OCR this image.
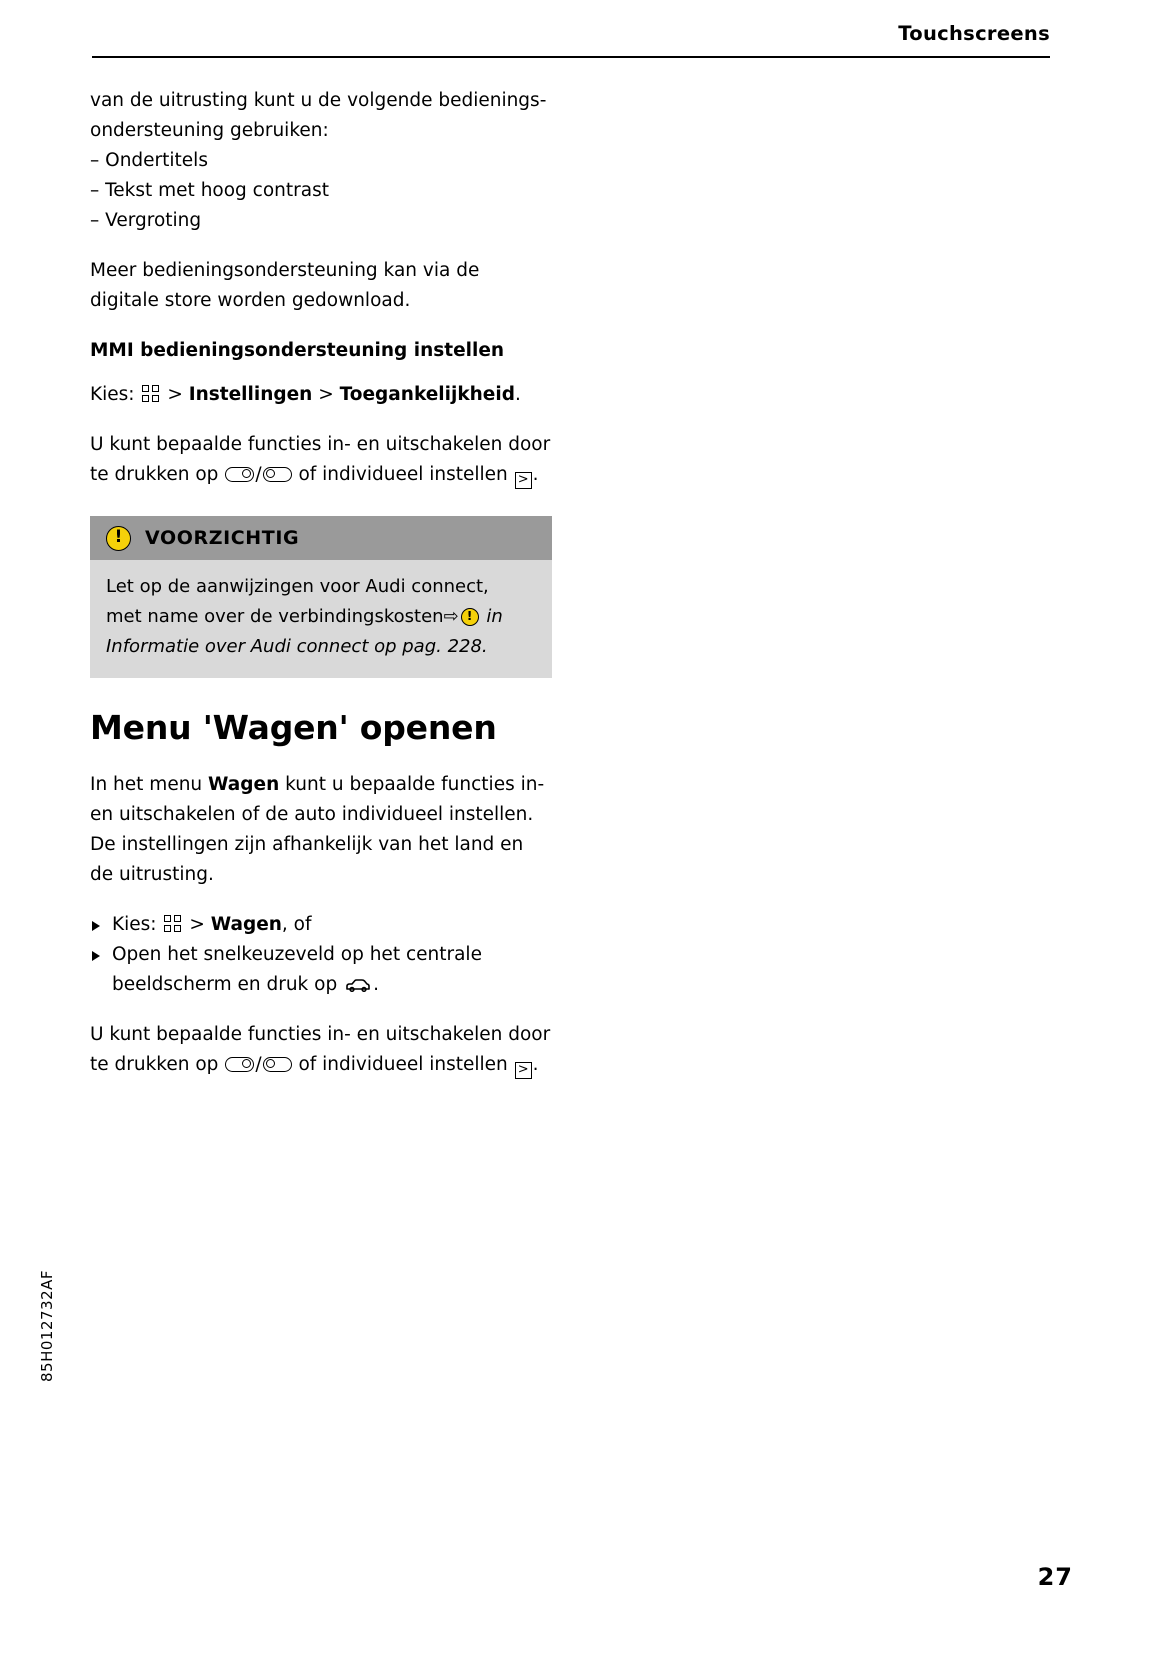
Touchscreens
van de uitrusting kunt u de volgende bedienings-ondersteuning gebruiken:
– Ondertitels
– Tekst met hoog contrast
– Vergroting
Meer bedieningsondersteuning kan via de digitale store worden gedownload.
MMI bedieningsondersteuning instellen
Kies: > Instellingen > Toegankelijkheid.
U kunt bepaalde functies in- en uitschakelen door
te drukken op / of individueel instellen > .
!
VOORZICHTIG
Let op de aanwijzingen voor Audi connect,
met name over de verbindingskosten⇨ ! in
Informatie over Audi connect op pag. 228.
Menu 'Wagen' openen
In het menu Wagen kunt u bepaalde functies in- en uitschakelen of de auto individueel instellen. De instellingen zijn afhankelijk van het land en de uitrusting.
Kies: > Wagen, of
Open het snelkeuzeveld op het centrale beeldscherm en druk op .
U kunt bepaalde functies in- en uitschakelen door
te drukken op / of individueel instellen > .
85H012732AF
27
